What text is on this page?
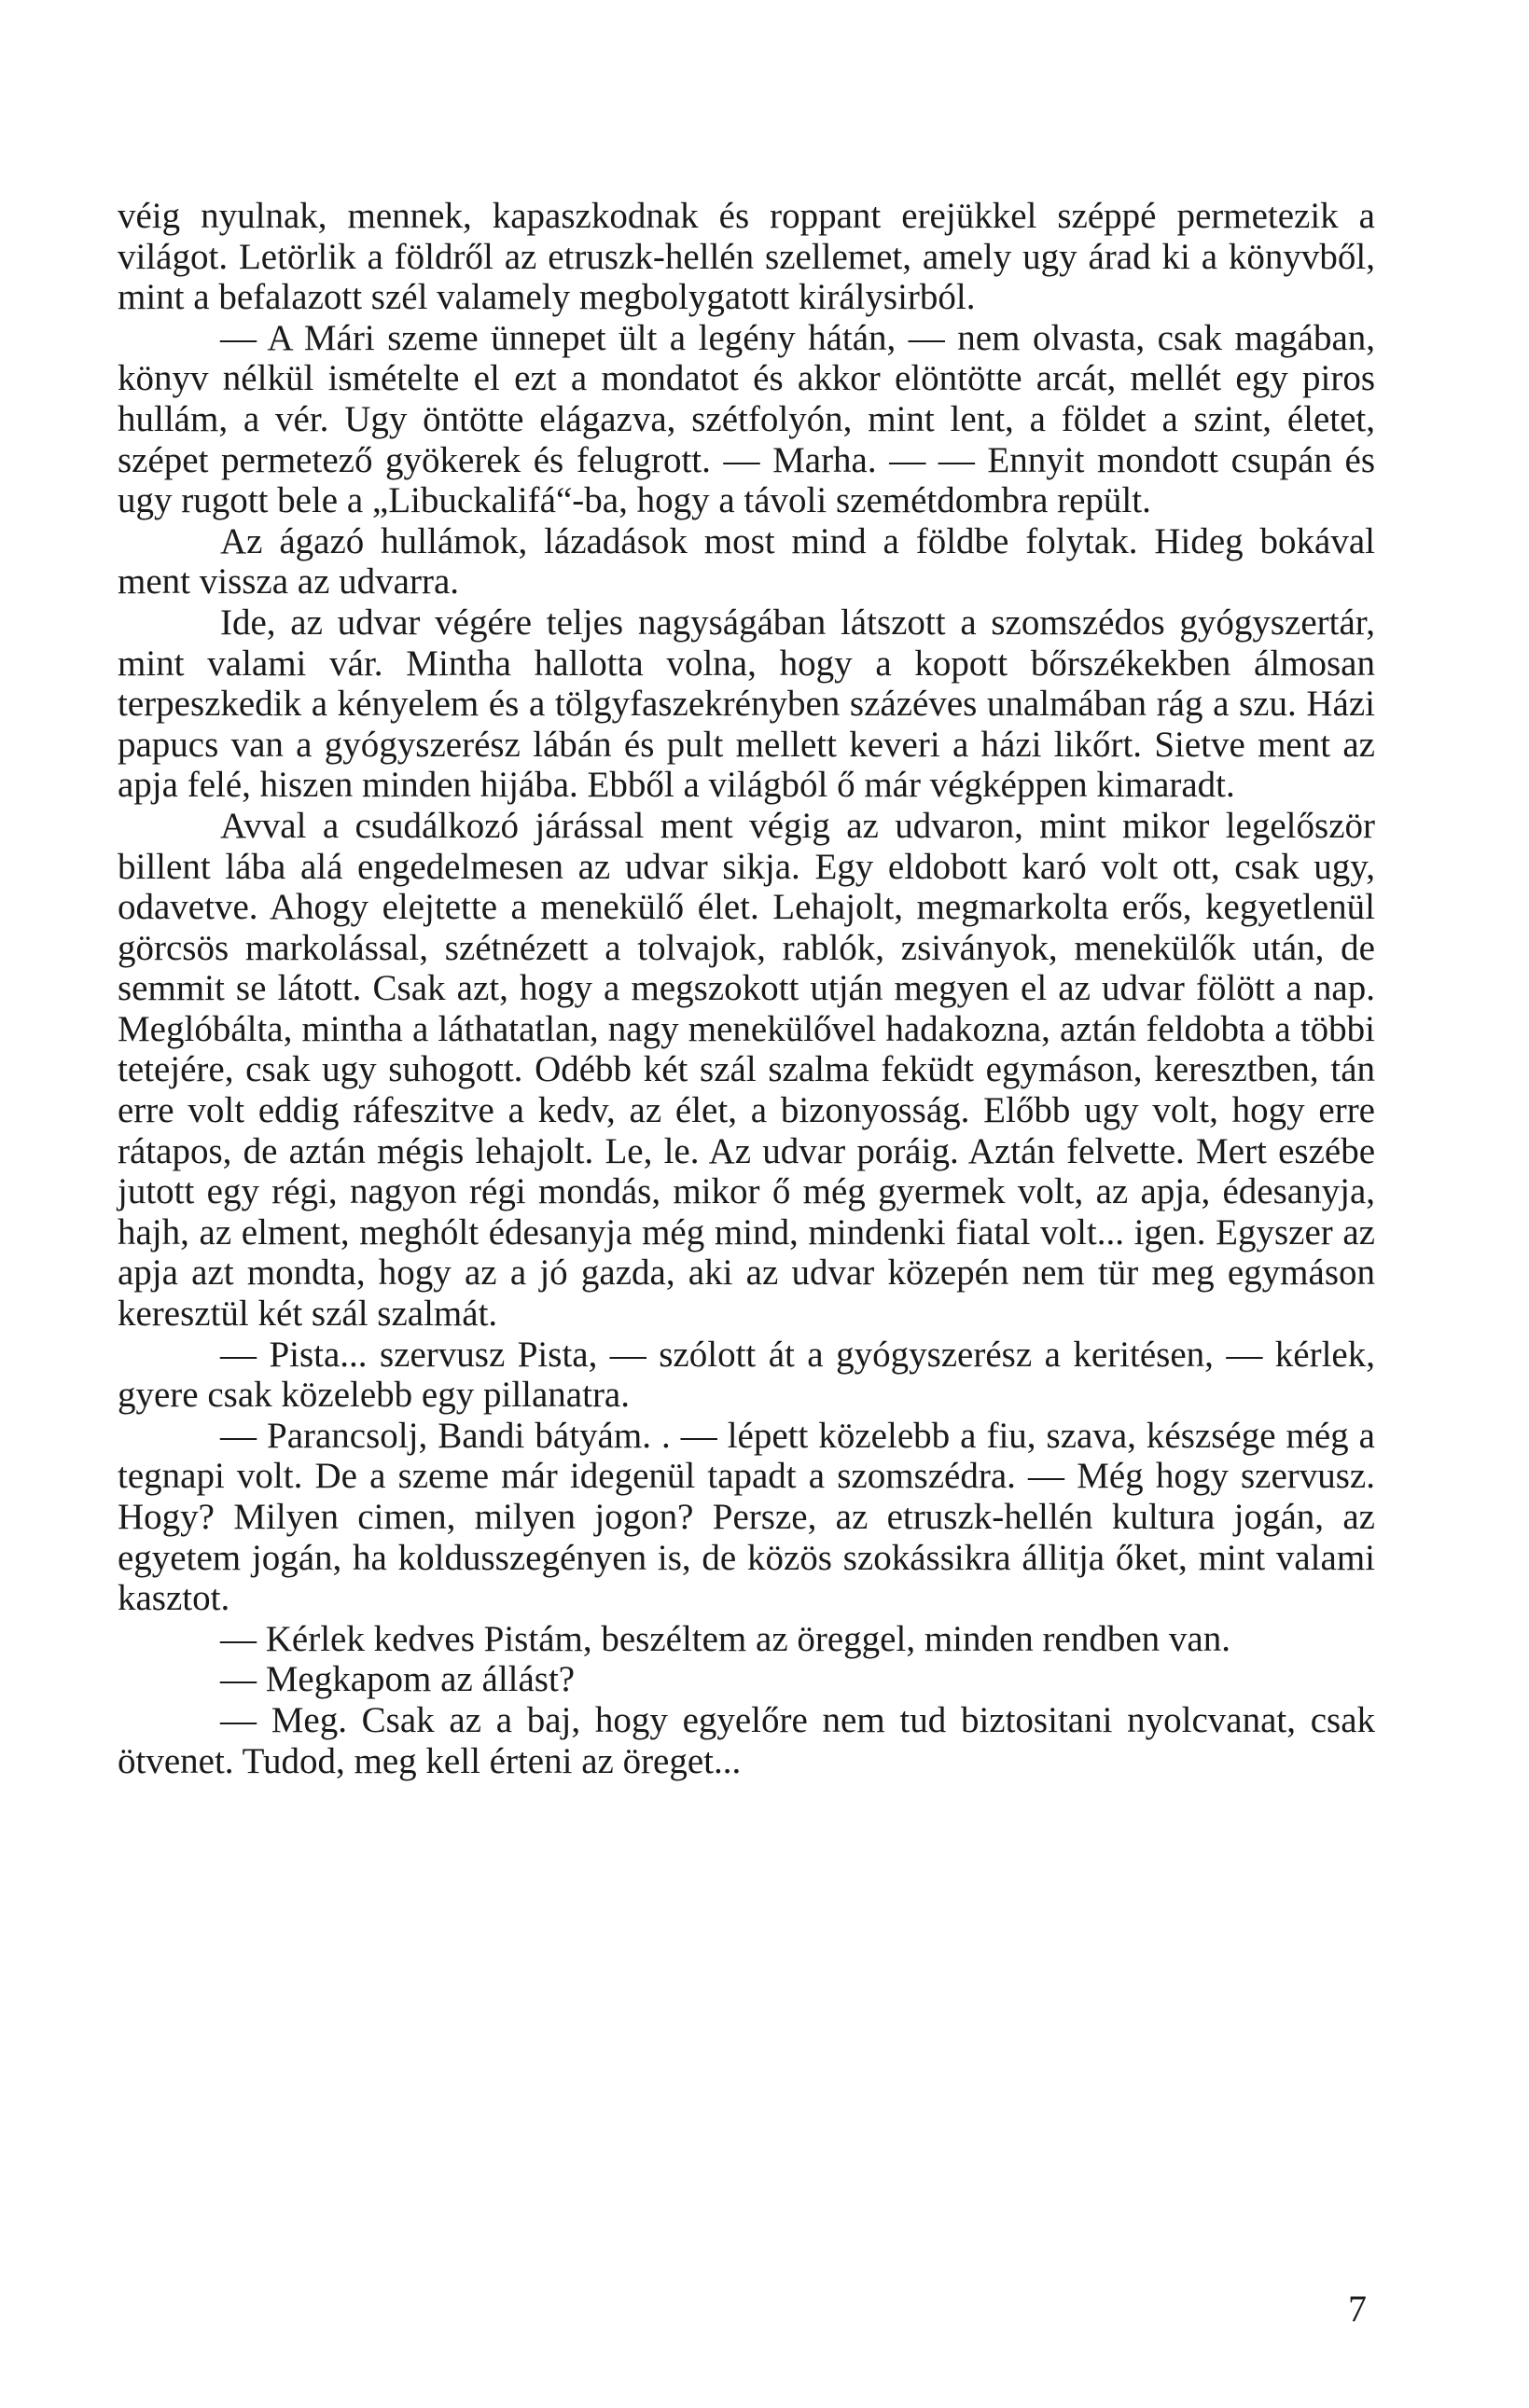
véig nyulnak, mennek, kapaszkodnak és roppant erejükkel széppé permetezik a világot. Letörlik a földről az etruszk-hellén szellemet, amely ugy árad ki a könyvből, mint a befalazott szél valamely megbolygatott királysirból.

— A Mári szeme ünnepet ült a legény hátán, — nem olvasta, csak magában, könyv nélkül ismételte el ezt a mondatot és akkor elöntötte arcát, mellét egy piros hullám, a vér. Ugy öntötte elágazva, szétfolyón, mint lent, a földet a szint, életet, szépet permetező gyökerek és felugrott. — Marha. — — Ennyit mondott csupán és ugy rugott bele a „Libuckalifá“-ba, hogy a távoli szemétdombra repült.

Az ágazó hullámok, lázadások most mind a földbe folytak. Hideg bokával ment vissza az udvarra.

Ide, az udvar végére teljes nagyságában látszott a szomszédos gyógyszertár, mint valami vár. Mintha hallotta volna, hogy a kopott bőrszékekben álmosan terpeszkedik a kényelem és a tölgyfaszekrényben százéves unalmában rág a szu. Házi papucs van a gyógyszerész lábán és pult mellett keveri a házi likőrt. Sietve ment az apja felé, hiszen minden hijába. Ebből a világból ő már végképpen kimaradt.

Avval a csudálkozó járással ment végig az udvaron, mint mikor legelőször billent lába alá engedelmesen az udvar sikja. Egy eldobott karó volt ott, csak ugy, odavetve. Ahogy elejtette a menekülő élet. Lehajolt, megmarkolta erős, kegyetlenül görcsös markolással, szétnézett a tolvajok, rablók, zsiványok, menekülők után, de semmit se látott. Csak azt, hogy a megszokott utján megyen el az udvar fölött a nap. Meglóbálta, mintha a láthatatlan, nagy menekülővel hadakozna, aztán feldobta a többi tetejére, csak ugy suhogott. Odébb két szál szalma feküdt egymáson, keresztben, tán erre volt eddig ráfeszitve a kedv, az élet, a bizonyosság. Előbb ugy volt, hogy erre rátapos, de aztán mégis lehajolt. Le, le. Az udvar poráig. Aztán felvette. Mert eszébe jutott egy régi, nagyon régi mondás, mikor ő még gyermek volt, az apja, édesanyja, hajh, az elment, meghólt édesanyja még mind, mindenki fiatal volt... igen. Egyszer az apja azt mondta, hogy az a jó gazda, aki az udvar közepén nem tür meg egymáson keresztül két szál szalmát.

— Pista... szervusz Pista, — szólott át a gyógyszerész a keritésen, — kérlek, gyere csak közelebb egy pillanatra.

— Parancsolj, Bandi bátyám. . — lépett közelebb a fiu, szava, készsége még a tegnapi volt. De a szeme már idegenül tapadt a szomszédra. — Még hogy szervusz. Hogy? Milyen cimen, milyen jogon? Persze, az etruszk-hellén kultura jogán, az egyetem jogán, ha koldusszegényen is, de közös szokássikra állitja őket, mint valami kasztot.

— Kérlek kedves Pistám, beszéltem az öreggel, minden rendben van.

— Megkapom az állást?

— Meg. Csak az a baj, hogy egyelőre nem tud biztositani nyolcvanat, csak ötvenet. Tudod, meg kell érteni az öreget...

7
